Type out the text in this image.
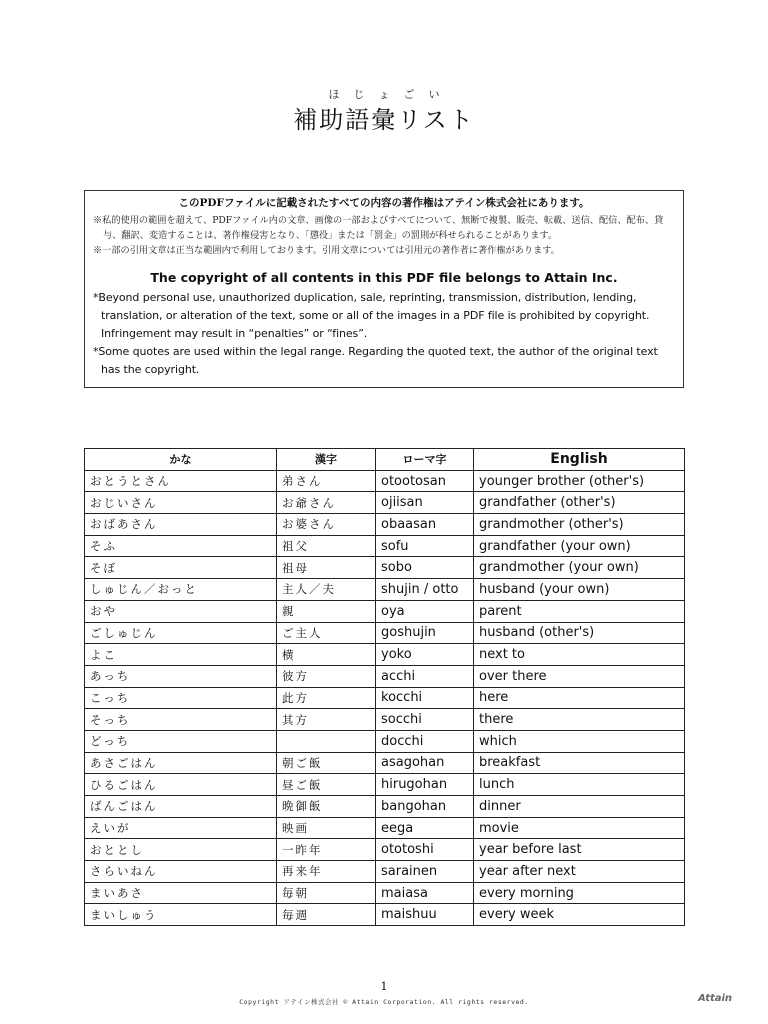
ほじょごい
補助語彙リスト
このPDFファイルに記載されたすべての内容の著作権はアテイン株式会社にあります。

※私的使用の範囲を超えて、PDFファイル内の文章、画像の一部およびすべてについて、無断で複製、販売、転載、送信、配信、配布、貸与、翻訳、変造することは、著作権侵害となり、「懲役」または「罰金」の罰則が科せられることがあります。

※一部の引用文章は正当な範囲内で利用しております。引用文章については引用元の著作者に著作権があります。

The copyright of all contents in this PDF file belongs to Attain Inc.

*Beyond personal use, unauthorized duplication, sale, reprinting, transmission, distribution, lending, translation, or alteration of the text, some or all of the images in a PDF file is prohibited by copyright. Infringement may result in “penalties” or “fines”.

*Some quotes are used within the legal range. Regarding the quoted text, the author of the original text has the copyright.

かな	漢字	ローマ字	English
おとうとさん	弟さん	otootosan	younger brother (other's)
おじいさん	お爺さん	ojiisan	grandfather (other's)
おばあさん	お婆さん	obaasan	grandmother (other's)
そふ	祖父	sofu	grandfather (your own)
そぼ	祖母	sobo	grandmother (your own)
しゅじん／おっと	主人／夫	shujin / otto	husband (your own)
おや	親	oya	parent
ごしゅじん	ご主人	goshujin	husband (other's)
よこ	横	yoko	next to
あっち	彼方	acchi	over there
こっち	此方	kocchi	here
そっち	其方	socchi	there
どっち		docchi	which
あさごはん	朝ご飯	asagohan	breakfast
ひるごはん	昼ご飯	hirugohan	lunch
ばんごはん	晩御飯	bangohan	dinner
えいが	映画	eega	movie
おととし	一昨年	ototoshi	year before last
さらいねん	再来年	sarainen	year after next
まいあさ	毎朝	maiasa	every morning
まいしゅう	毎週	maishuu	every week
1
Copyright アテイン株式会社 © Attain Corporation. All rights reserved.	Attain
